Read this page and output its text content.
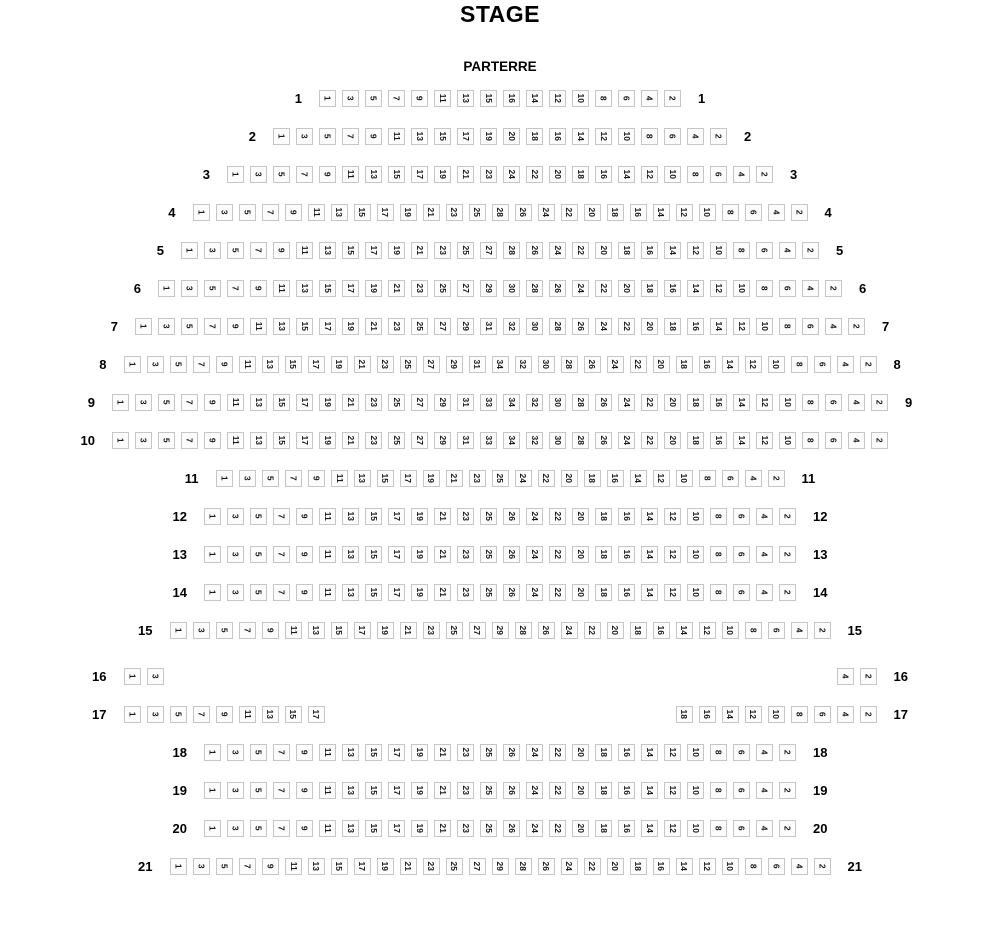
STAGE
PARTERRE
1 1 3 5 7 9 11 13 15 16 14 12 10 8 6 4 2 1
2 1 3 5 7 9 11 13 15 17 19 20 18 16 14 12 10 8 6 4 2 2
3 1 3 5 7 9 11 13 15 17 19 21 23 24 22 20 18 16 14 12 10 8 6 4 2 3
4 1 3 5 7 9 11 13 15 17 19 21 23 25 28 26 24 22 20 18 16 14 12 10 8 6 4 2 4
5 1 3 5 7 9 11 13 15 17 19 21 23 25 27 28 26 24 22 20 18 16 14 12 10 8 6 4 2 5
6 1 3 5 7 9 11 13 15 17 19 21 23 25 27 29 30 28 26 24 22 20 18 16 14 12 10 8 6 4 2 6
7 1 3 5 7 9 11 13 15 17 19 21 23 25 27 29 31 32 30 28 26 24 22 20 18 16 14 12 10 8 6 4 2 7
8 1 3 5 7 9 11 13 15 17 19 21 23 25 27 29 31 34 32 30 28 26 24 22 20 18 16 14 12 10 8 6 4 2 8
9 1 3 5 7 9 11 13 15 17 19 21 23 25 27 29 31 33 34 32 30 28 26 24 22 20 18 16 14 12 10 8 6 4 2 9
10 1 3 5 7 9 11 13 15 17 19 21 23 25 27 29 31 33 34 32 30 28 26 24 22 20 18 16 14 12 10 8 6 4 2
11 1 3 5 7 9 11 13 15 17 19 21 23 25 24 22 20 18 16 14 12 10 8 6 4 2 11
12 1 3 5 7 9 11 13 15 17 19 21 23 25 26 24 22 20 18 16 14 12 10 8 6 4 2 12
13 1 3 5 7 9 11 13 15 17 19 21 23 25 26 24 22 20 18 16 14 12 10 8 6 4 2 13
14 1 3 5 7 9 11 13 15 17 19 21 23 25 26 24 22 20 18 16 14 12 10 8 6 4 2 14
15 1 3 5 7 9 11 13 15 17 19 21 23 25 27 29 28 26 24 22 20 18 16 14 12 10 8 6 4 2 15
16 1 3	4 2 16
17 1 3 5 7 9 11 13 15 17	18 16 14 12 10 8 6 4 2 17
18 1 3 5 7 9 11 13 15 17 19 21 23 25 26 24 22 20 18 16 14 12 10 8 6 4 2 18
19 1 3 5 7 9 11 13 15 17 19 21 23 25 26 24 22 20 18 16 14 12 10 8 6 4 2 19
20 1 3 5 7 9 11 13 15 17 19 21 23 25 26 24 22 20 18 16 14 12 10 8 6 4 2 20
21 1 3 5 7 9 11 13 15 17 19 21 23 25 27 29 28 26 24 22 20 18 16 14 12 10 8 6 4 2 21
